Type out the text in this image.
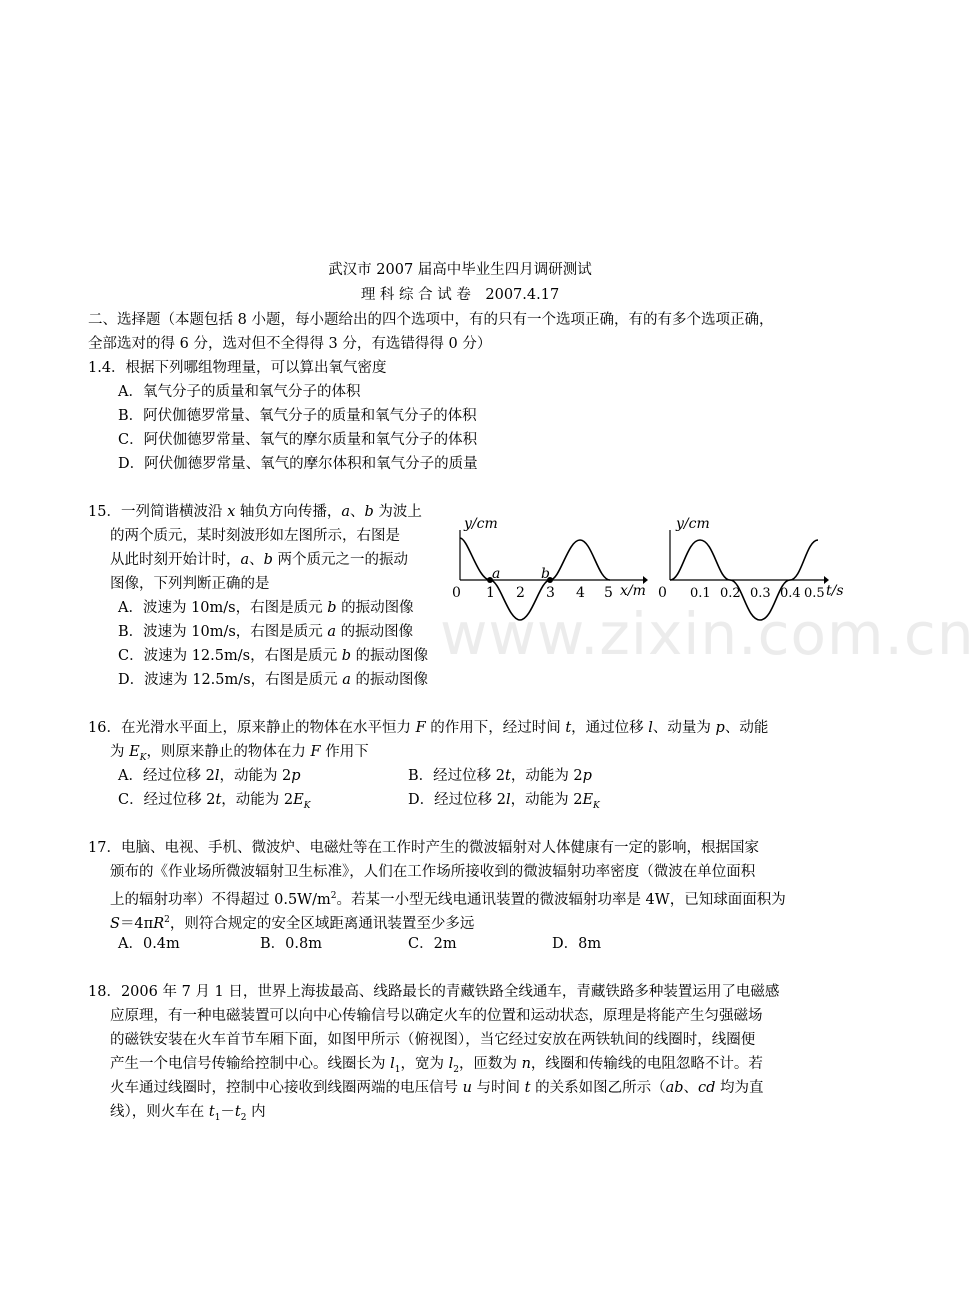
www.zixin.com.cn
武汉市 2007 届高中毕业生四月调研测试
理 科 综 合 试 卷　2007.4.17
二、选择题（本题包括 8 小题，每小题给出的四个选项中，有的只有一个选项正确，有的有多个选项正确，
全部选对的得 6 分，选对但不全得得 3 分，有选错得得 0 分）
1.4．根据下列哪组物理量，可以算出氧气密度
A．氧气分子的质量和氧气分子的体积
B．阿伏伽德罗常量、氧气分子的质量和氧气分子的体积
C．阿伏伽德罗常量、氧气的摩尔质量和氧气分子的体积
D．阿伏伽德罗常量、氧气的摩尔体积和氧气分子的质量
15．一列简谐横波沿 x 轴负方向传播，a、b 为波上
的两个质元，某时刻波形如左图所示，右图是
从此时刻开始计时，a、b 两个质元之一的振动
图像，下列判断正确的是
A．波速为 10m/s，右图是质元 b 的振动图像
B．波速为 10m/s，右图是质元 a 的振动图像
C．波速为 12.5m/s，右图是质元 b 的振动图像
D．波速为 12.5m/s，右图是质元 a 的振动图像
y/cm
0 1 2 3 4 5 x/m
a	b
y/cm
0 0.1 0.2 0.3 0.4 0.5 t/s
16．在光滑水平面上，原来静止的物体在水平恒力 F 的作用下，经过时间 t，通过位移 l、动量为 p、动能
为 $E_K$，则原来静止的物体在力 F 作用下
A．经过位移 2l，动能为 2p	B．经过位移 2t，动能为 2p
C．经过位移 2t，动能为 $2E_K$	D．经过位移 2l，动能为 $2E_K$
17．电脑、电视、手机、微波炉、电磁灶等在工作时产生的微波辐射对人体健康有一定的影响，根据国家
颁布的《作业场所微波辐射卫生标准》，人们在工作场所接收到的微波辐射功率密度（微波在单位面积
上的辐射功率）不得超过 $0.5W/m^2$。若某一小型无线电通讯装置的微波辐射功率是 4W，已知球面面积为
$S=4\pi R^2$，则符合规定的安全区域距离通讯装置至少多远
A．0.4m	B．0.8m	C．2m	D．8m
18．2006 年 7 月 1 日，世界上海拔最高、线路最长的青藏铁路全线通车，青藏铁路多种装置运用了电磁感
应原理，有一种电磁装置可以向中心传输信号以确定火车的位置和运动状态，原理是将能产生匀强磁场
的磁铁安装在火车首节车厢下面，如图甲所示（俯视图），当它经过安放在两铁轨间的线圈时，线圈便
产生一个电信号传输给控制中心。线圈长为 $l_1$，宽为 $l_2$，匝数为 n，线圈和传输线的电阻忽略不计。若
火车通过线圈时，控制中心接收到线圈两端的电压信号 u 与时间 t 的关系如图乙所示（ab、cd 均为直
线），则火车在 $t_1-t_2$ 内
